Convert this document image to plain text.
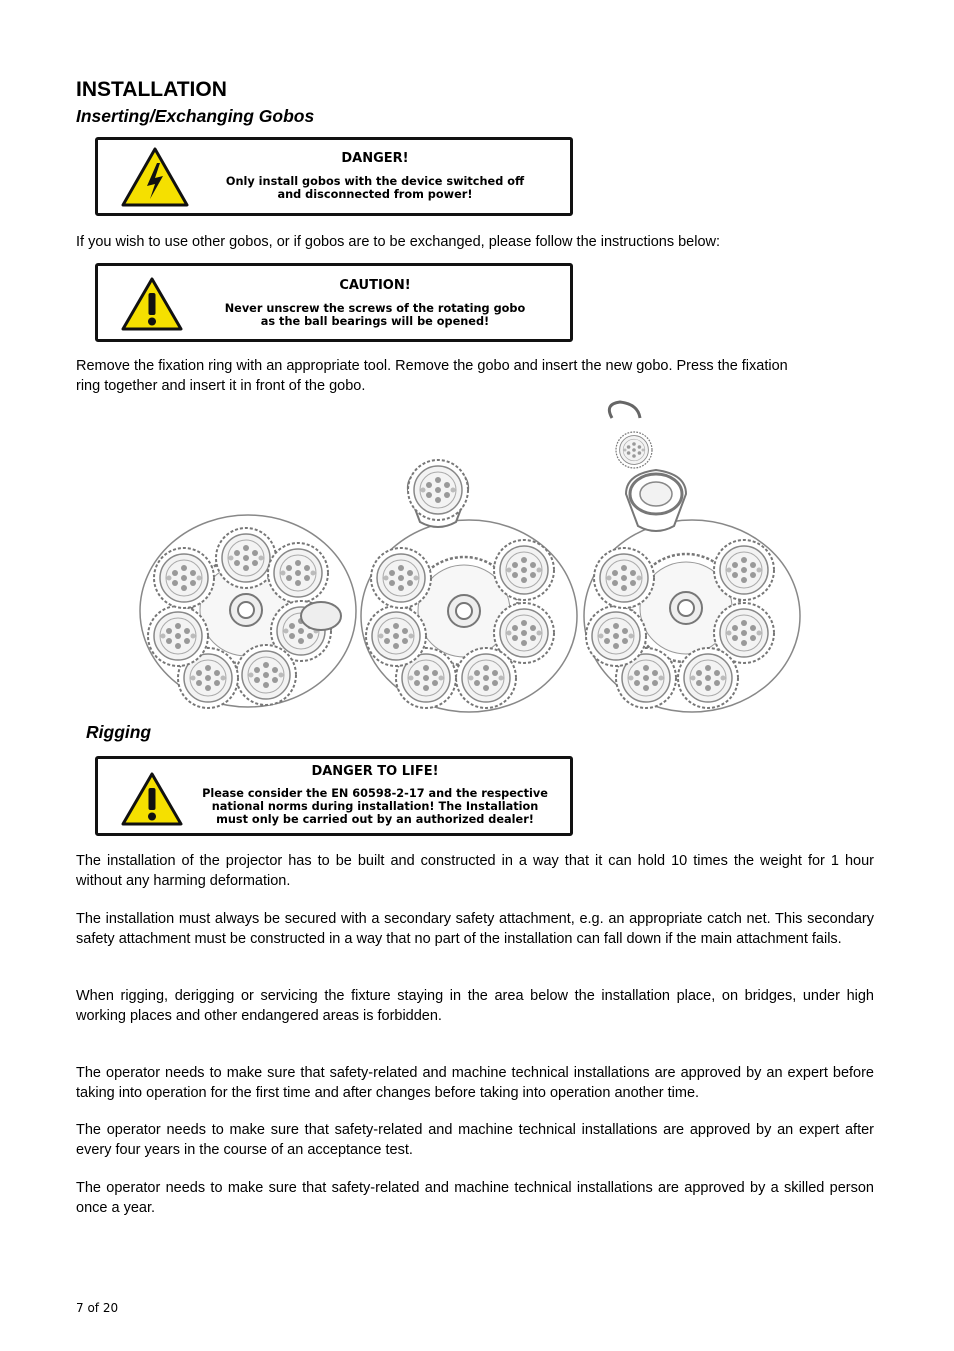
INSTALLATION
Inserting/Exchanging Gobos
DANGER!
Only install gobos with the device switched off
and disconnected from power!

If you wish to use other gobos, or if gobos are to be exchanged, please follow the instructions below:

CAUTION!
Never unscrew the screws of the rotating gobo
as the ball bearings will be opened!

Remove the fixation ring with an appropriate tool. Remove the gobo and insert the new gobo. Press the fixation

ring together and insert it in front of the gobo.

Rigging
DANGER TO LIFE!
Please consider the EN 60598-2-17 and the respective
national norms during installation! The Installation
must only be carried out by an authorized dealer!

The installation of the projector has to be built and constructed in a way that it can hold 10 times the weight for 1 hour without any harming deformation.

The installation must always be secured with a secondary safety attachment, e.g. an appropriate catch net. This secondary safety attachment must be constructed in a way that no part of the installation can fall down if the main attachment fails.

When rigging, derigging or servicing the fixture staying in the area below the installation place, on bridges, under high working places and other endangered areas is forbidden.

The operator needs to make sure that safety-related and machine technical installations are approved by an expert before taking into operation for the first time and after changes before taking into operation another time.

The operator needs to make sure that safety-related and machine technical installations are approved by an expert after every four years in the course of an acceptance test.

The operator needs to make sure that safety-related and machine technical installations are approved by a skilled person once a year.

7 of 20
